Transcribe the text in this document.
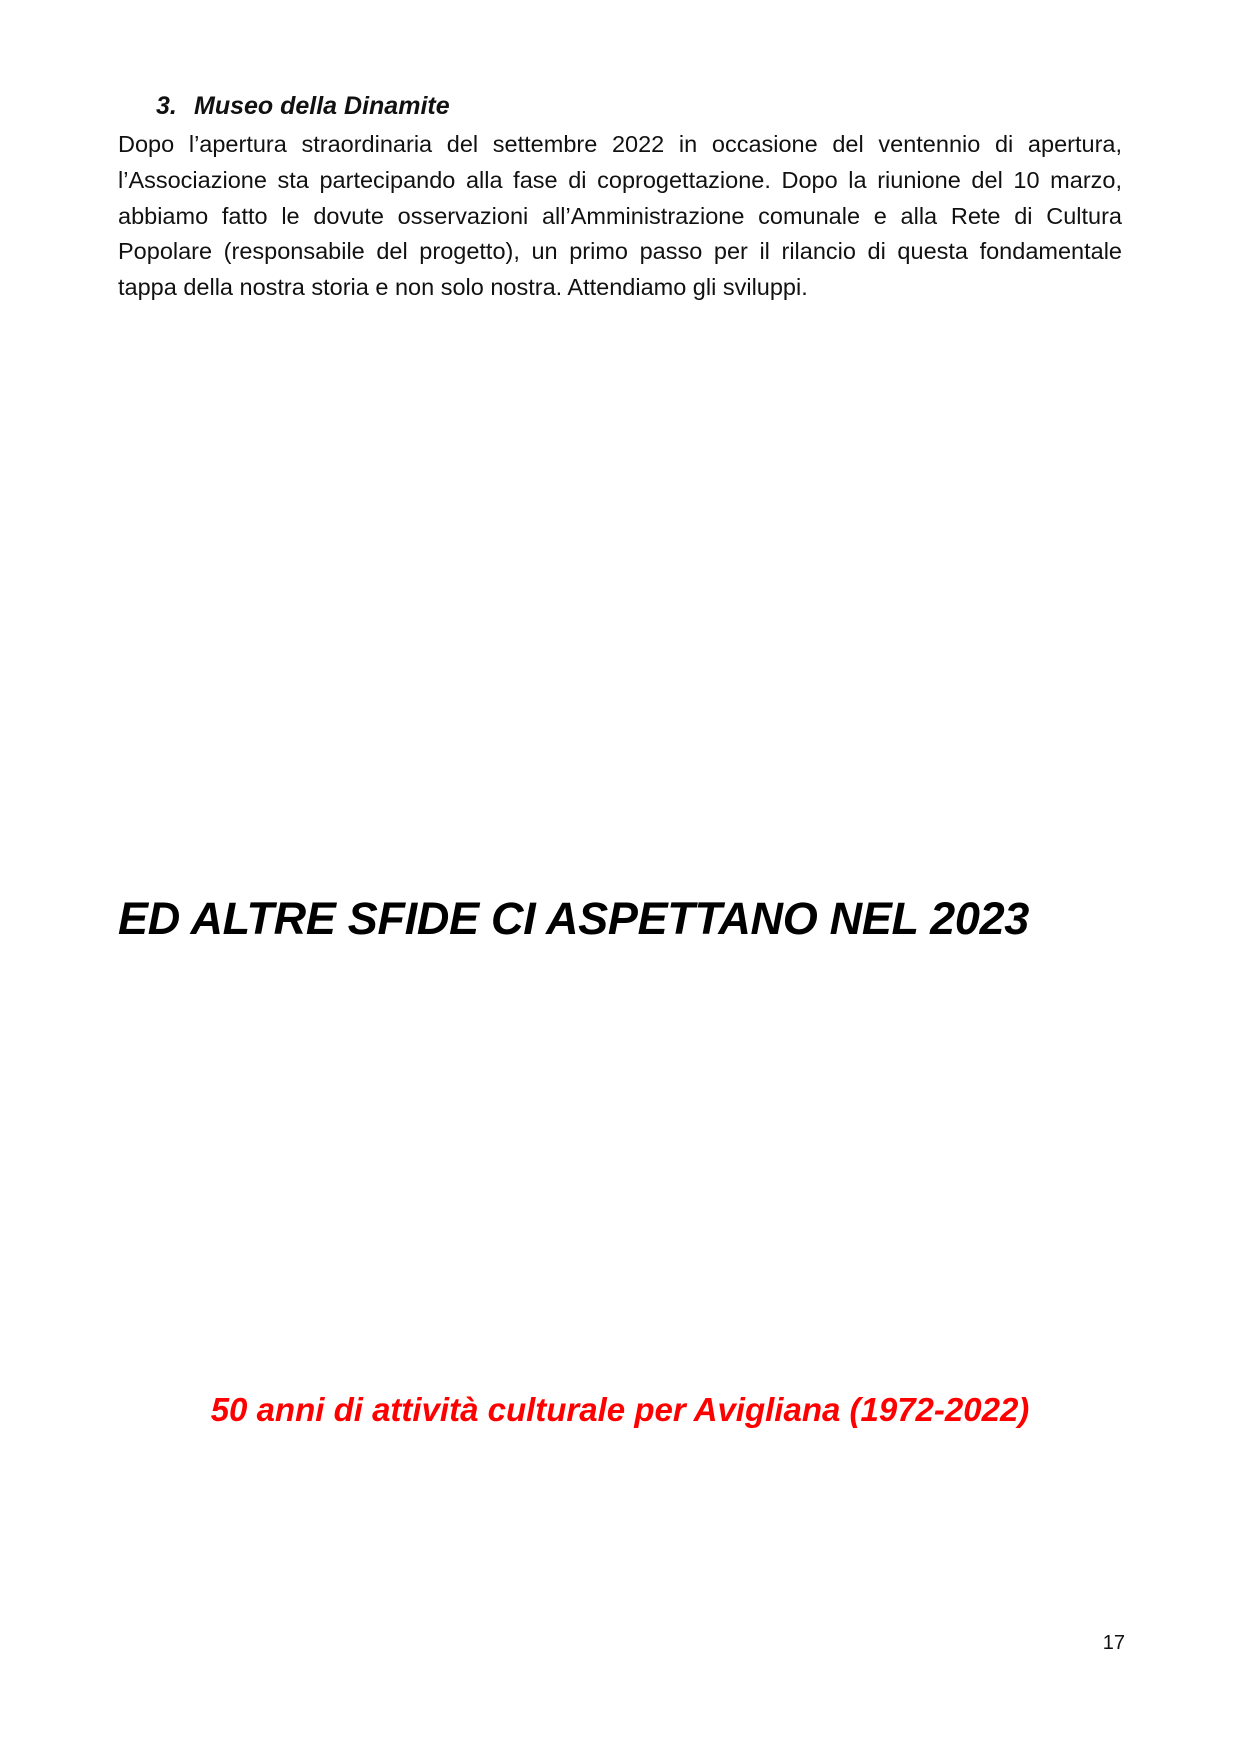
3. Museo della Dinamite
Dopo l’apertura straordinaria del settembre 2022 in occasione del ventennio di apertura, l’Associazione sta partecipando alla fase di coprogettazione. Dopo la riunione del 10 marzo, abbiamo fatto le dovute osservazioni all’Amministrazione comunale e alla Rete di Cultura Popolare (responsabile del progetto), un primo passo per il rilancio di questa fondamentale tappa della nostra storia e non solo nostra. Attendiamo gli sviluppi.
ED ALTRE SFIDE CI ASPETTANO NEL 2023
50 anni di attività culturale per Avigliana (1972-2022)
17
